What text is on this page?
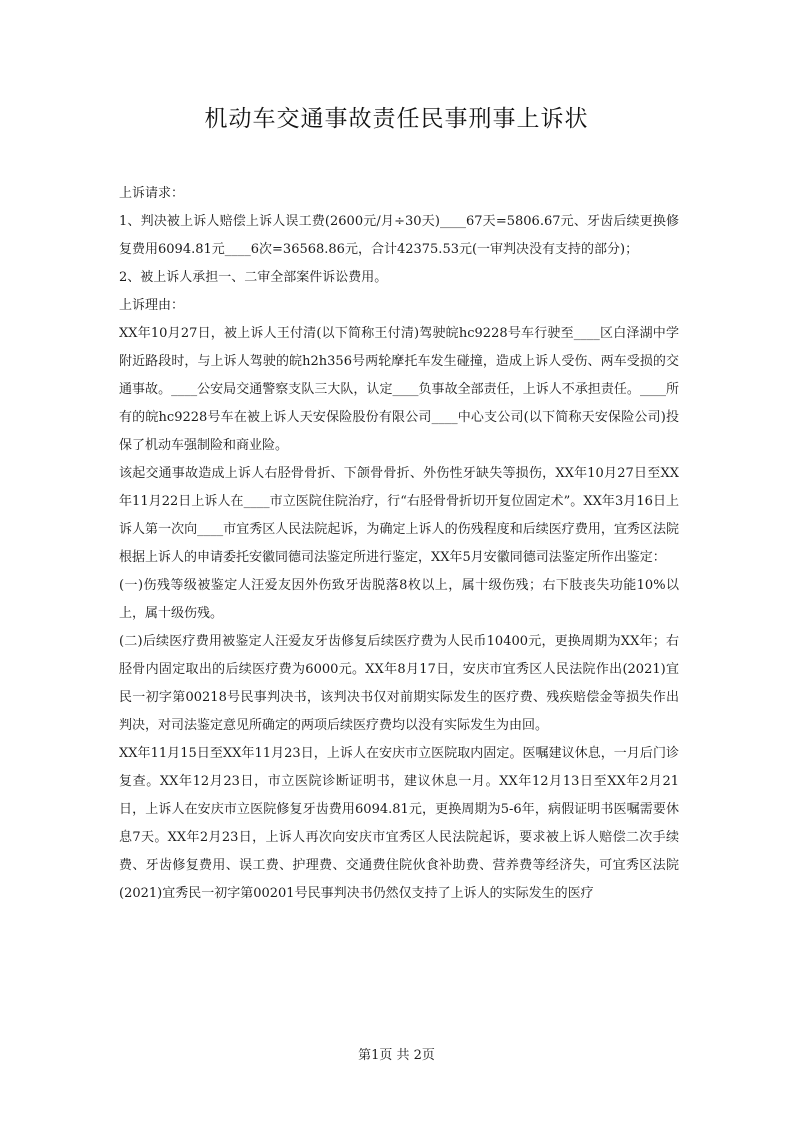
机动车交通事故责任民事刑事上诉状

上诉请求：

1、判决被上诉人赔偿上诉人误工费(2600元/月÷30天)____67天=5806.67元、牙齿后续更换修复费用6094.81元____6次=36568.86元，合计42375.53元(一审判决没有支持的部分)；

2、被上诉人承担一、二审全部案件诉讼费用。

上诉理由：

XX年10月27日，被上诉人王付清(以下简称王付清)驾驶皖hc9228号车行驶至____区白泽湖中学附近路段时，与上诉人驾驶的皖h2h356号两轮摩托车发生碰撞，造成上诉人受伤、两车受损的交通事故。____公安局交通警察支队三大队，认定____负事故全部责任，上诉人不承担责任。____所有的皖hc9228号车在被上诉人天安保险股份有限公司____中心支公司(以下简称天安保险公司)投保了机动车强制险和商业险。

该起交通事故造成上诉人右胫骨骨折、下颌骨骨折、外伤性牙缺失等损伤，XX年10月27日至XX年11月22日上诉人在____市立医院住院治疗，行“右胫骨骨折切开复位固定术”。XX年3月16日上诉人第一次向____市宜秀区人民法院起诉，为确定上诉人的伤残程度和后续医疗费用，宜秀区法院根据上诉人的申请委托安徽同德司法鉴定所进行鉴定，XX年5月安徽同德司法鉴定所作出鉴定：

(一)伤残等级被鉴定人汪爱友因外伤致牙齿脱落8枚以上，属十级伤残；右下肢丧失功能10%以上，属十级伤残。

(二)后续医疗费用被鉴定人汪爱友牙齿修复后续医疗费为人民币10400元，更换周期为XX年；右胫骨内固定取出的后续医疗费为6000元。XX年8月17日，安庆市宜秀区人民法院作出(2021)宜民一初字第00218号民事判决书，该判决书仅对前期实际发生的医疗费、残疾赔偿金等损失作出判决，对司法鉴定意见所确定的两项后续医疗费均以没有实际发生为由回。

XX年11月15日至XX年11月23日，上诉人在安庆市立医院取内固定。医嘱建议休息，一月后门诊复查。XX年12月23日，市立医院诊断证明书，建议休息一月。XX年12月13日至XX年2月21日，上诉人在安庆市立医院修复牙齿费用6094.81元，更换周期为5-6年，病假证明书医嘱需要休息7天。XX年2月23日，上诉人再次向安庆市宜秀区人民法院起诉，要求被上诉人赔偿二次手续费、牙齿修复费用、误工费、护理费、交通费住院伙食补助费、营养费等经济失，可宜秀区法院(2021)宜秀民一初字第00201号民事判决书仍然仅支持了上诉人的实际发生的医疗

第1页 共 2页
